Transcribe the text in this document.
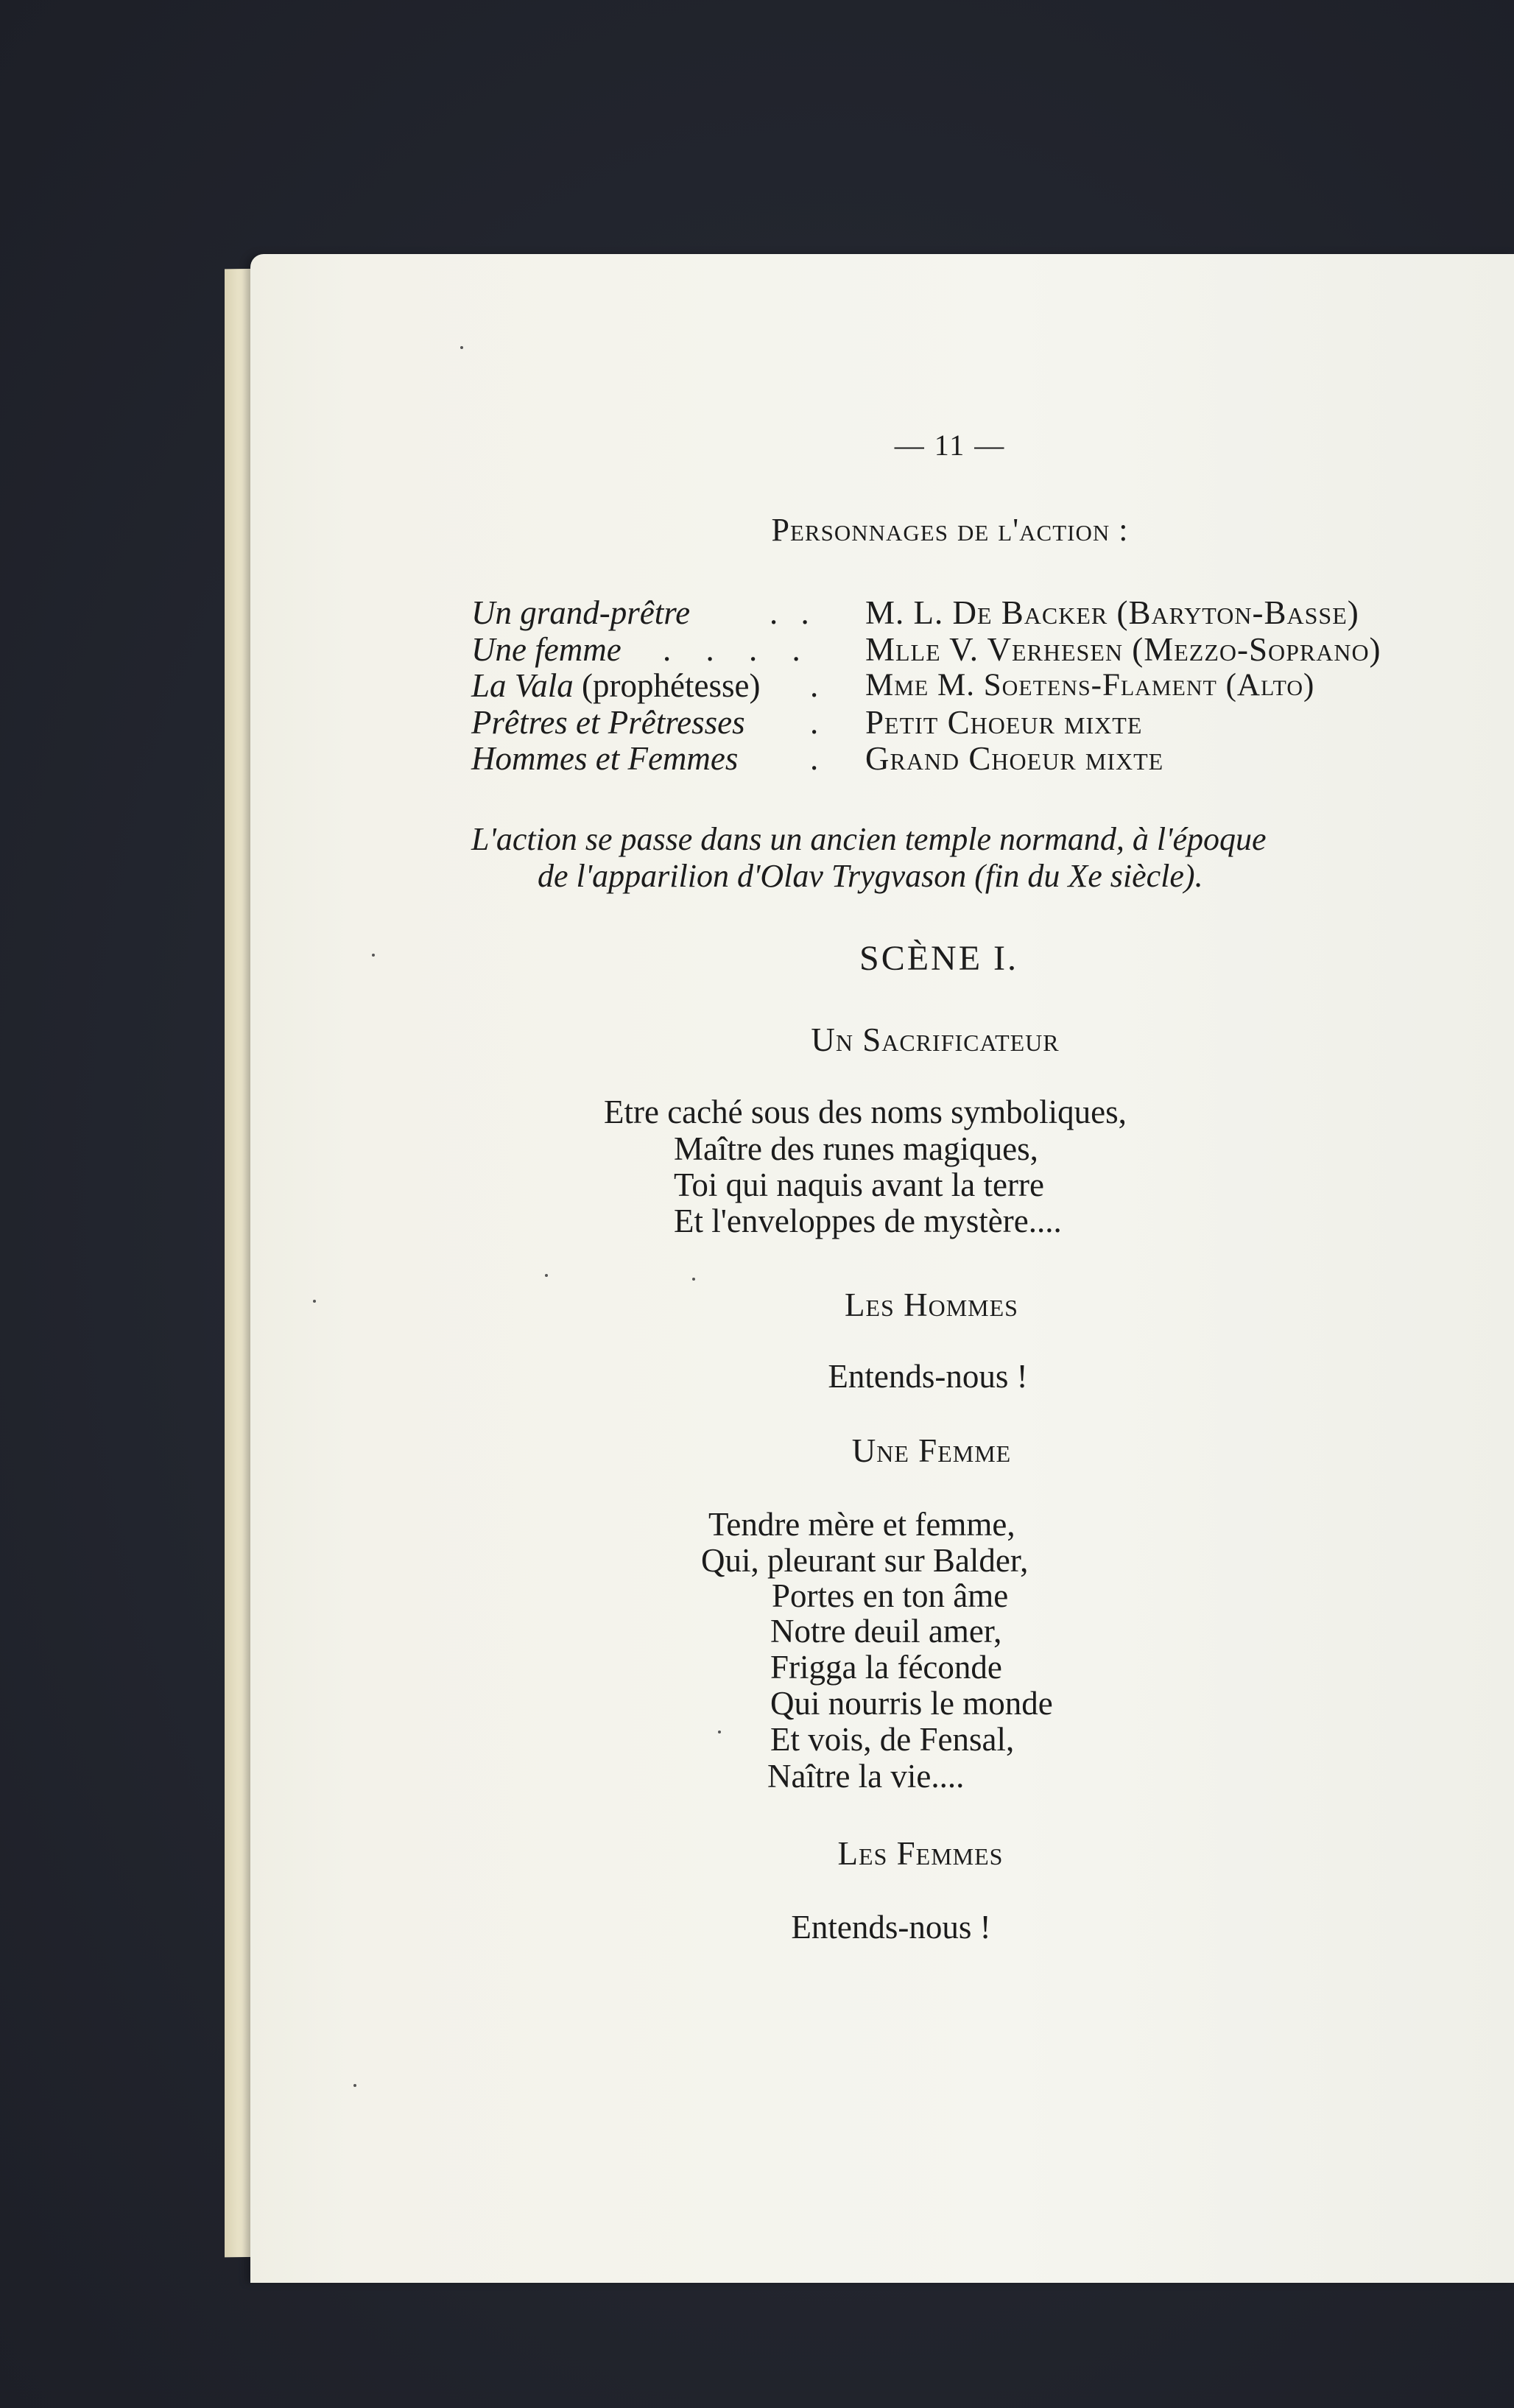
— 11 —
Personnages de l'action :
Un grand-prêtre
Une femme
La Vala (prophétesse)
Prêtres et Prêtresses
Hommes et Femmes
. .
. . . .
.
.
.
M. L. De Backer (Baryton-Basse)
Mlle V. Verhesen (Mezzo-Soprano)
Mme M. Soetens-Flament (Alto)
Petit Choeur mixte
Grand Choeur mixte
L'action se passe dans un ancien temple normand, à l'époque
de l'apparilion d'Olav Trygvason (fin du Xe siècle).
SCÈNE I.
Un Sacrificateur
Etre caché sous des noms symboliques,
Maître des runes magiques,
Toi qui naquis avant la terre
Et l'enveloppes de mystère....
Les Hommes
Entends-nous !
Une Femme
Tendre mère et femme,
Qui, pleurant sur Balder,
Portes en ton âme
Notre deuil amer,
Frigga la féconde
Qui nourris le monde
Et vois, de Fensal,
Naître la vie....
Les Femmes
Entends-nous !
